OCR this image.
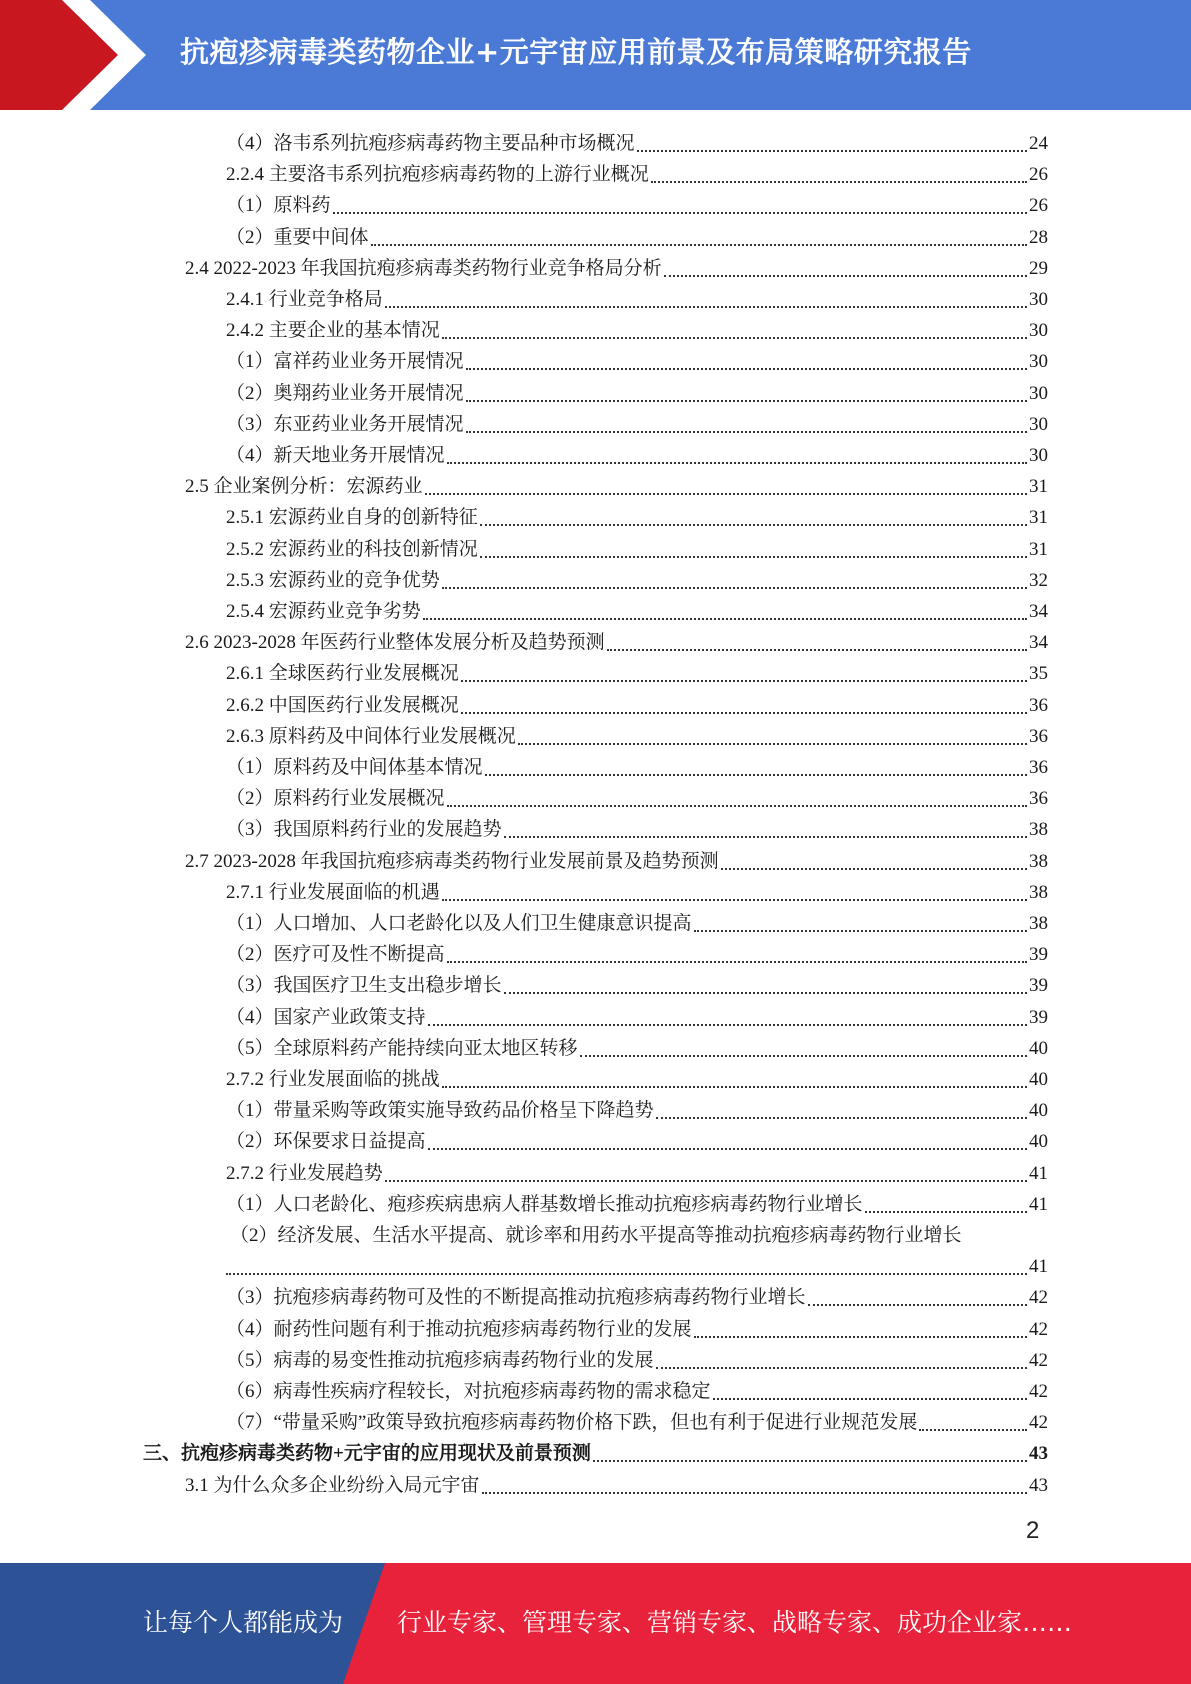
抗疱疹病毒类药物企业+元宇宙应用前景及布局策略研究报告
（4）洛韦系列抗疱疹病毒药物主要品种市场概况	24
2.2.4 主要洛韦系列抗疱疹病毒药物的上游行业概况	26
（1）原料药	26
（2）重要中间体	28
2.4 2022-2023 年我国抗疱疹病毒类药物行业竞争格局分析	29
2.4.1 行业竞争格局	30
2.4.2 主要企业的基本情况	30
（1）富祥药业业务开展情况	30
（2）奥翔药业业务开展情况	30
（3）东亚药业业务开展情况	30
（4）新天地业务开展情况	30
2.5 企业案例分析：宏源药业	31
2.5.1 宏源药业自身的创新特征	31
2.5.2 宏源药业的科技创新情况	31
2.5.3 宏源药业的竞争优势	32
2.5.4 宏源药业竞争劣势	34
2.6 2023-2028 年医药行业整体发展分析及趋势预测	34
2.6.1 全球医药行业发展概况	35
2.6.2 中国医药行业发展概况	36
2.6.3 原料药及中间体行业发展概况	36
（1）原料药及中间体基本情况	36
（2）原料药行业发展概况	36
（3）我国原料药行业的发展趋势	38
2.7 2023-2028 年我国抗疱疹病毒类药物行业发展前景及趋势预测	38
2.7.1 行业发展面临的机遇	38
（1）人口增加、人口老龄化以及人们卫生健康意识提高	38
（2）医疗可及性不断提高	39
（3）我国医疗卫生支出稳步增长	39
（4）国家产业政策支持	39
（5）全球原料药产能持续向亚太地区转移	40
2.7.2 行业发展面临的挑战	40
（1）带量采购等政策实施导致药品价格呈下降趋势	40
（2）环保要求日益提高	40
2.7.2 行业发展趋势	41
（1）人口老龄化、疱疹疾病患病人群基数增长推动抗疱疹病毒药物行业增长	41
（2）经济发展、生活水平提高、就诊率和用药水平提高等推动抗疱疹病毒药物行业增长
41
（3）抗疱疹病毒药物可及性的不断提高推动抗疱疹病毒药物行业增长	42
（4）耐药性问题有利于推动抗疱疹病毒药物行业的发展	42
（5）病毒的易变性推动抗疱疹病毒药物行业的发展	42
（6）病毒性疾病疗程较长，对抗疱疹病毒药物的需求稳定	42
（7）“带量采购”政策导致抗疱疹病毒药物价格下跌，但也有利于促进行业规范发展	42
三、抗疱疹病毒类药物+元宇宙的应用现状及前景预测	43
3.1 为什么众多企业纷纷入局元宇宙	43
2
让每个人都能成为 行业专家、管理专家、营销专家、战略专家、成功企业家……
